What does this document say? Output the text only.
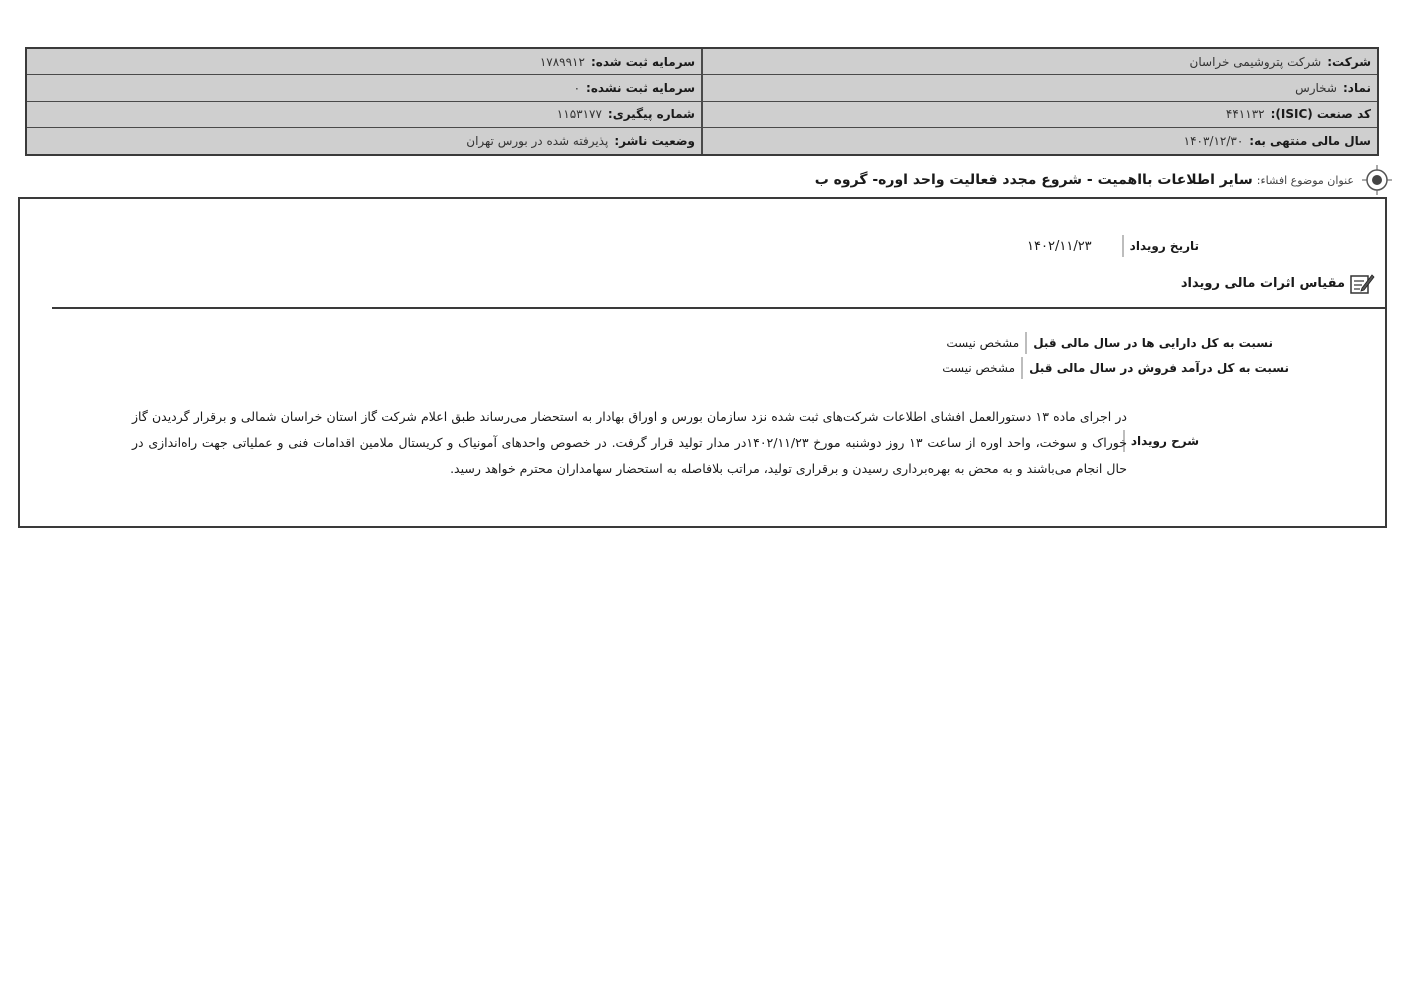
شرکت:
شرکت پتروشیمی خراسان
سرمایه ثبت شده:
۱۷۸۹۹۱۲
نماد:
شخارس
سرمایه ثبت نشده:
۰
کد صنعت (ISIC):
۴۴۱۱۳۲
شماره پیگیری:
۱۱۵۳۱۷۷
سال مالی منتهی به:
۱۴۰۳/۱۲/۳۰
وضعیت ناشر:
پذیرفته شده در بورس تهران
عنوان موضوع افشاء:
سایر اطلاعات بااهمیت - شروع مجدد فعالیت واحد اوره- گروه ب
تاریخ رویداد
۱۴۰۲/۱۱/۲۳
مقیاس اثرات مالی رویداد
نسبت به کل دارایی ها در سال مالی قبل
مشخص نیست
نسبت به کل درآمد فروش در سال مالی قبل
مشخص نیست
شرح رویداد
در اجرای ماده ۱۳ دستورالعمل افشای اطلاعات شرکت‌های ثبت شده نزد سازمان بورس و اوراق بهادار به استحضار می‌رساند طبق اعلام شرکت گاز استان خراسان شمالی و برقرار گردیدن گاز خوراک و سوخت، واحد اوره از ساعت ۱۳ روز دوشنبه مورخ ۱۴۰۲/۱۱/۲۳در مدار تولید قرار گرفت. در خصوص واحدهای آمونیاک و کریستال ملامین اقدامات فنی و عملیاتی جهت راه‌اندازی در حال انجام می‌باشند و به محض به بهره‌برداری رسیدن و برقراری تولید، مراتب بلافاصله به استحضار سهامداران محترم خواهد رسید.
